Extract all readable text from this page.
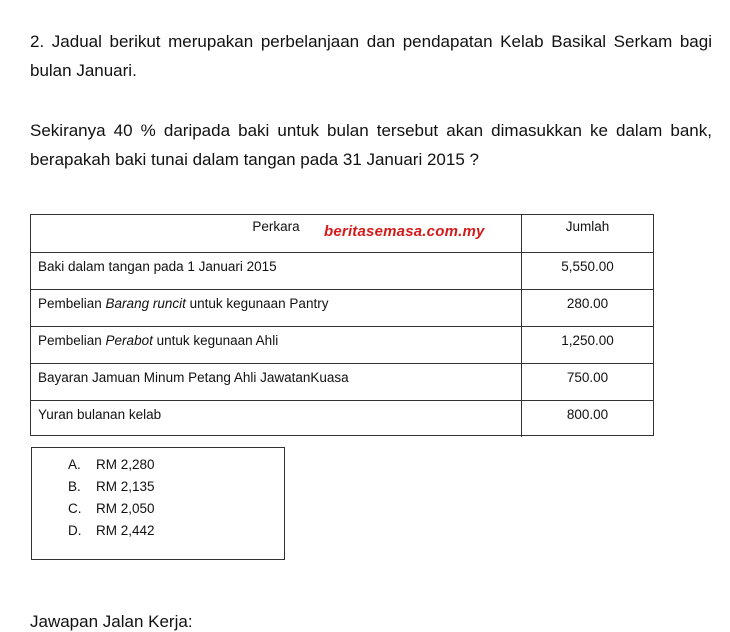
2. Jadual berikut merupakan perbelanjaan dan pendapatan Kelab Basikal Serkam bagi bulan Januari.

Sekiranya 40 % daripada baki untuk bulan tersebut akan dimasukkan ke dalam bank, berapakah baki tunai dalam tangan pada 31 Januari 2015 ?

Perkara beritasemasa.com.my	Jumlah
Baki dalam tangan pada 1 Januari 2015	5,550.00
Pembelian Barang runcit untuk kegunaan Pantry	280.00
Pembelian Perabot untuk kegunaan Ahli	1,250.00
Bayaran Jamuan Minum Petang Ahli JawatanKuasa	750.00
Yuran bulanan kelab	800.00
A.	RM 2,280
B.	RM 2,135
C.	RM 2,050
D.	RM 2,442

Jawapan Jalan Kerja:
